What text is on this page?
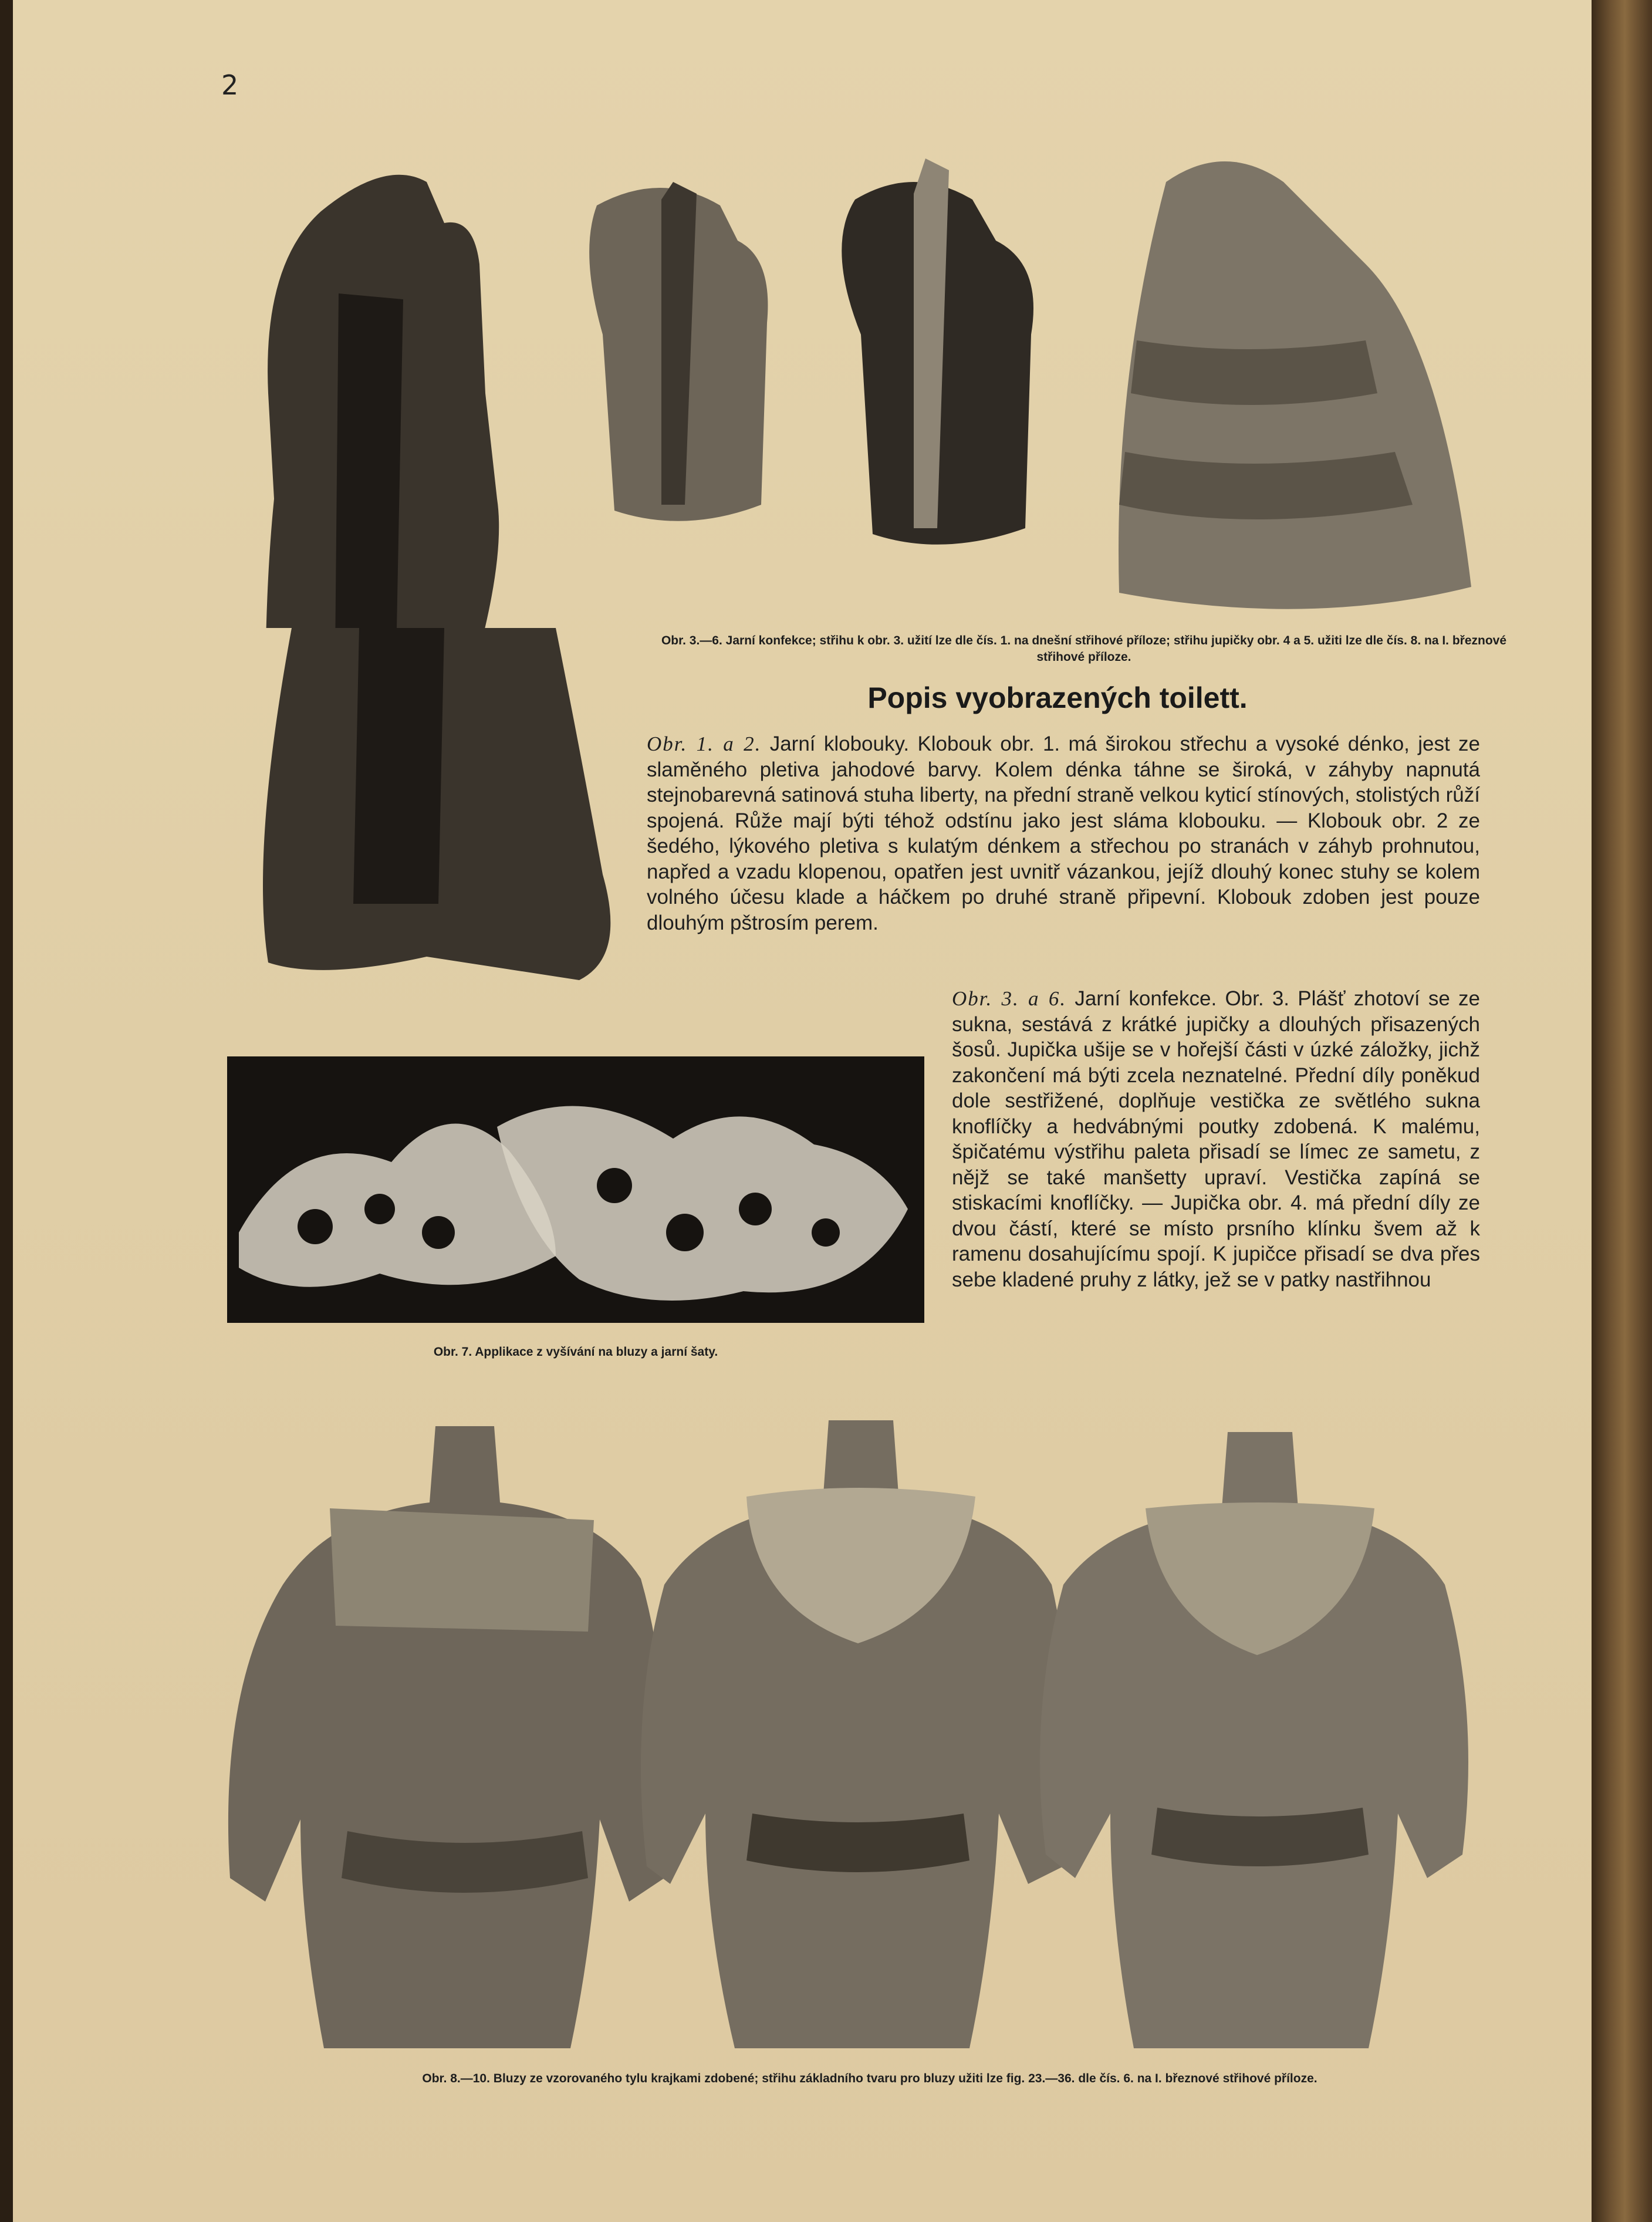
2
Obr. 3.—6. Jarní konfekce; střihu k obr. 3. užití lze dle čís. 1. na dnešní střihové příloze; střihu jupičky obr. 4 a 5. užiti lze dle čís. 8. na I. březnové střihové příloze.
Popis vyobrazených toilett.
Obr. 1. a 2. Jarní klobouky. Klobouk obr. 1. má širokou střechu a vysoké dénko, jest ze slaměného pletiva jahodové barvy. Kolem dénka táhne se široká, v záhyby napnutá stejnobarevná satinová stuha liberty, na přední straně velkou kyticí stínových, stolistých růží spojená. Růže mají býti téhož odstínu jako jest sláma klobouku. — Klobouk obr. 2 ze šedého, lýkového pletiva s kulatým dénkem a střechou po stranách v záhyb prohnutou, napřed a vzadu klopenou, opatřen jest uvnitř vázankou, jejíž dlouhý konec stuhy se kolem volného účesu klade a háčkem po druhé straně připevní. Klobouk zdoben jest pouze dlouhým pštrosím perem.
Obr. 7. Applikace z vyšívání na bluzy a jarní šaty.
Obr. 3. a 6. Jarní konfekce. Obr. 3. Plášť zhotoví se ze sukna, sestává z krátké jupičky a dlouhých přisazených šosů. Jupička ušije se v hořejší části v úzké záložky, jichž zakončení má býti zcela neznatelné. Přední díly poněkud dole sestřižené, doplňuje vestička ze světlého sukna knoflíčky a hedvábnými poutky zdobená. K malému, špičatému výstřihu paleta přisadí se límec ze sametu, z nějž se také manšetty upraví. Vestička zapíná se stiskacími knoflíčky. — Jupička obr. 4. má přední díly ze dvou částí, které se místo prsního klínku švem až k ramenu dosahujícímu spojí. K jupičce přisadí se dva přes sebe kladené pruhy z látky, jež se v patky nastřihnou
Obr. 8.—10. Bluzy ze vzorovaného tylu krajkami zdobené; střihu základního tvaru pro bluzy užiti lze fig. 23.—36. dle čís. 6. na I. březnové střihové příloze.
